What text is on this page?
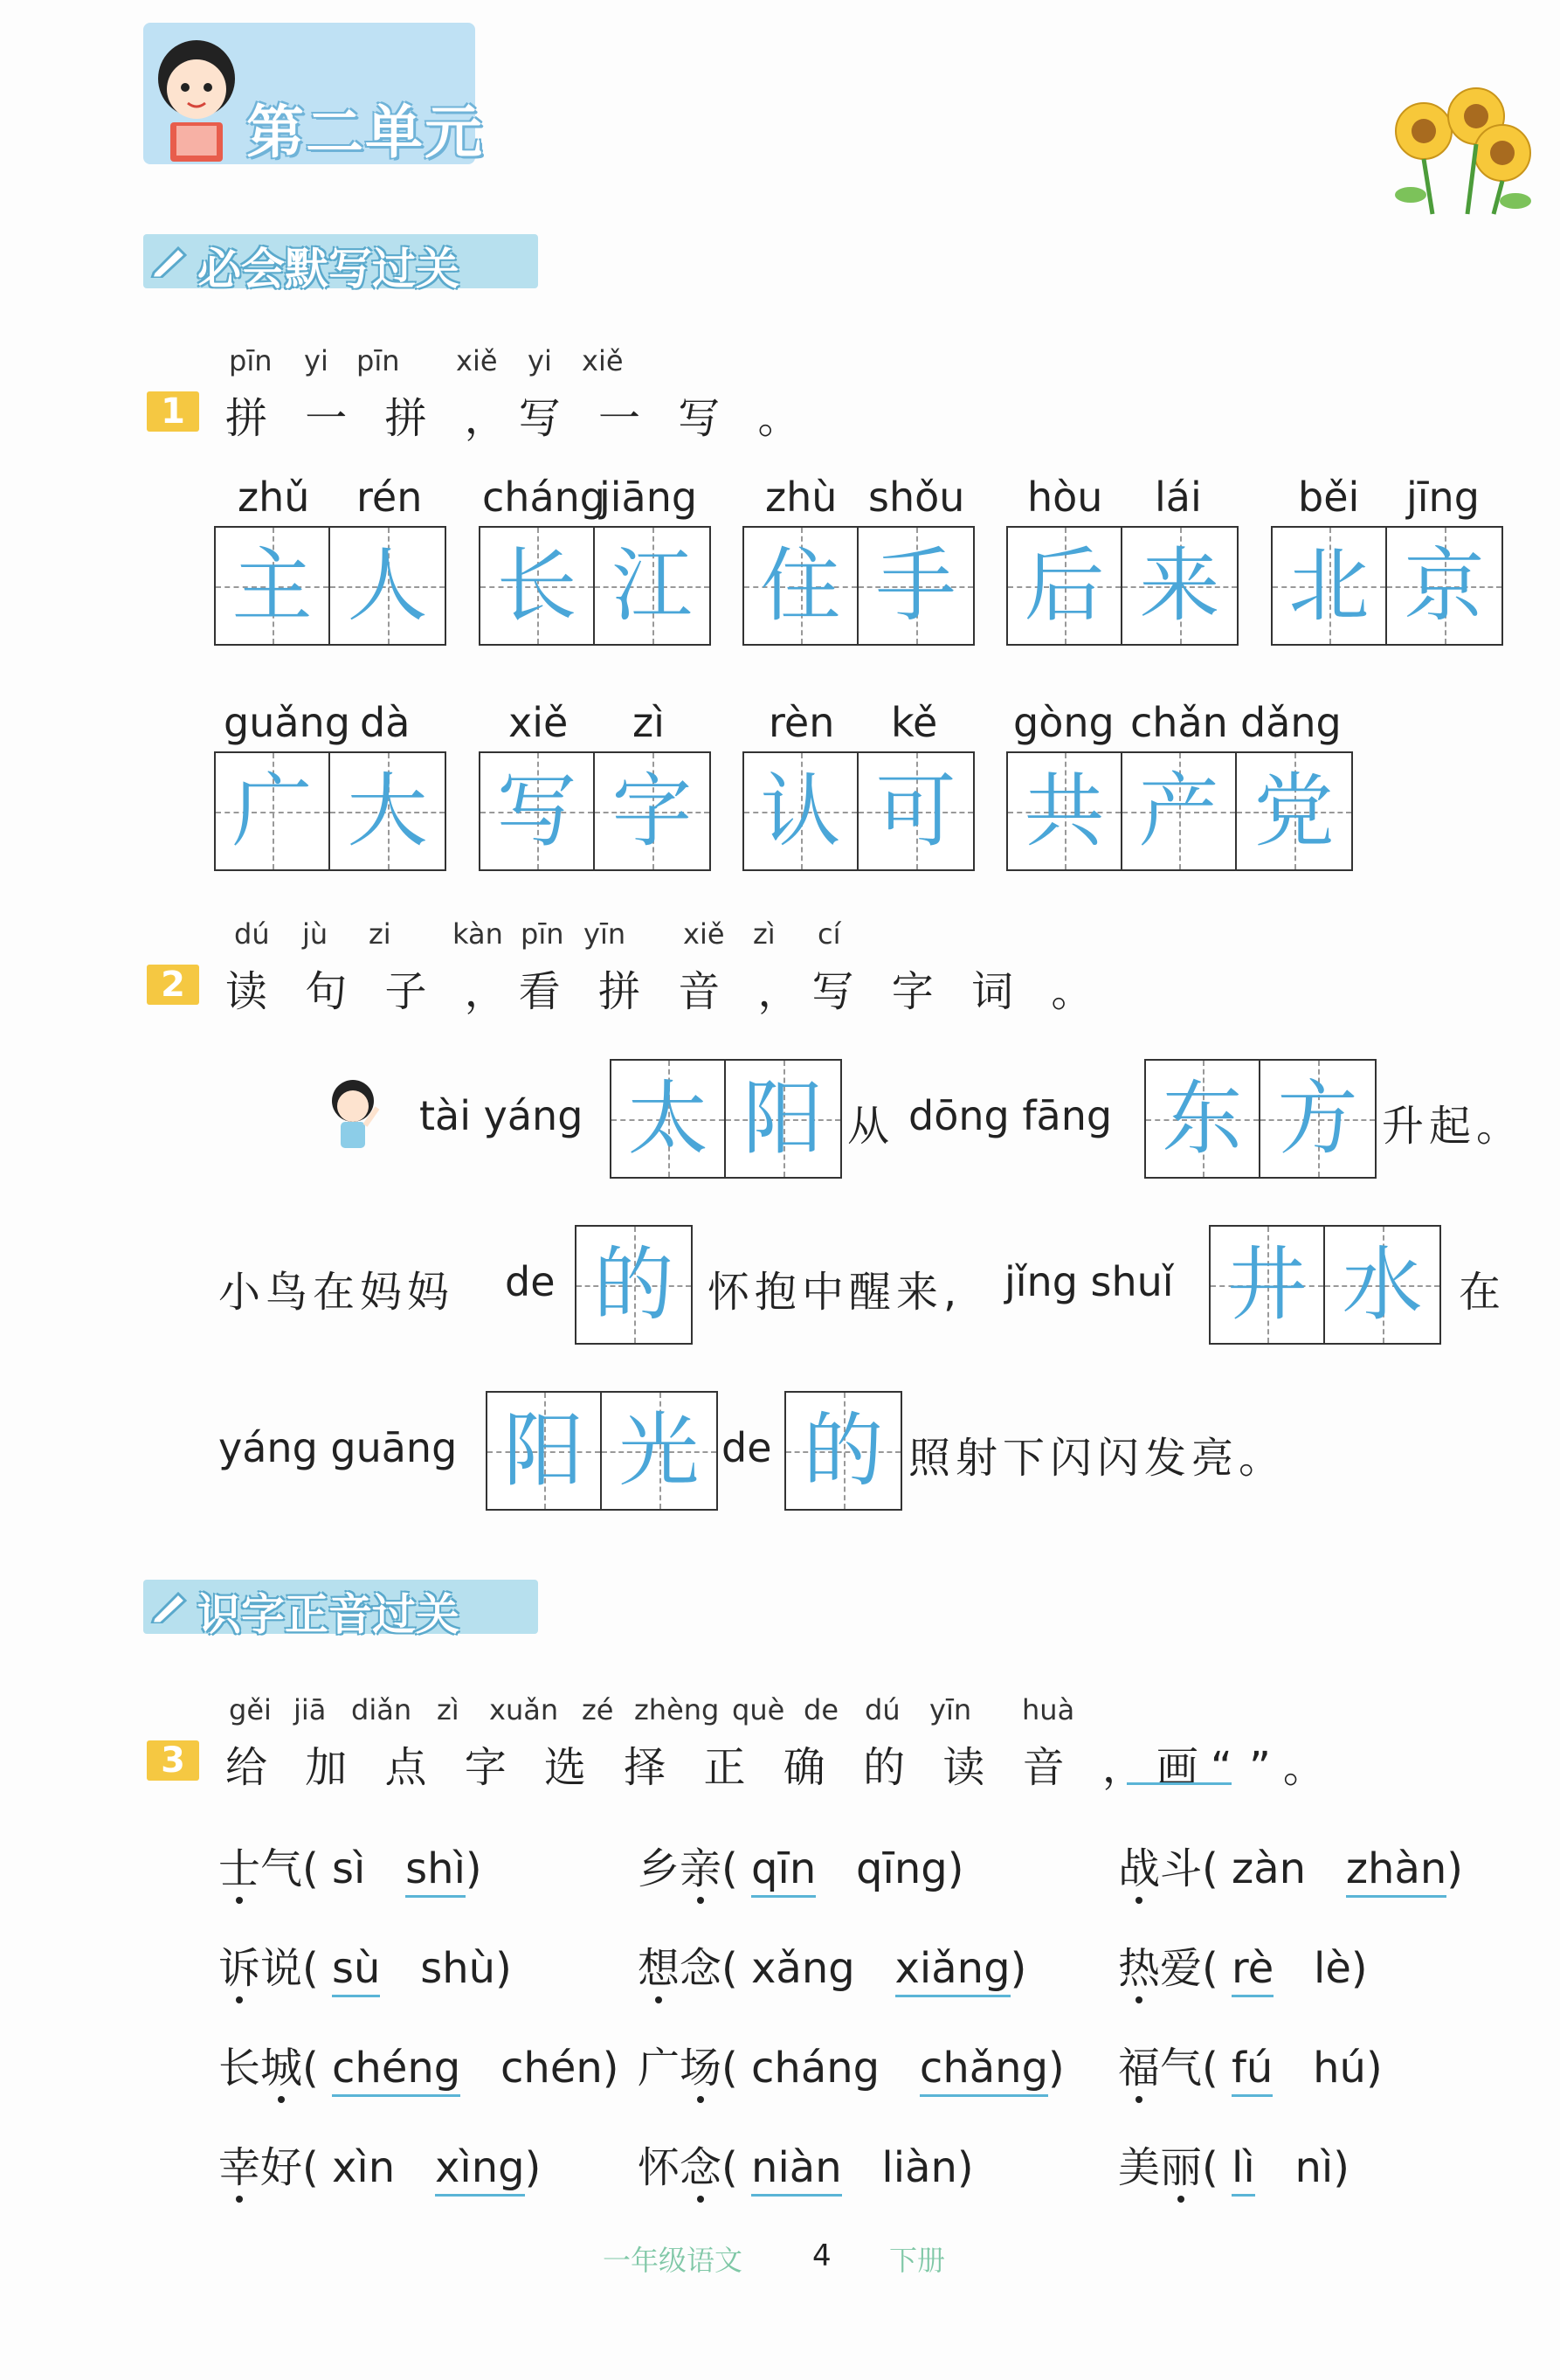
第二单元
必会默写过关
pīn yi pīn xiě yi xiě
1 拼 一 拼 ，写 一 写 。
zhǔ rén
主 人
cháng
jiāng
长 江
zhù shǒu
住 手
hòu lái
后 来
běi jīng
北 京
guǎng dà
广 大
xiě zì
写 字
rèn kě
认 可
gòng chǎn dǎng
共 产 党
dú jù zi kàn pīn yīn xiě zì cí
2 读 句 子 ，看 拼 音 ，写 字 词 。
tài yáng 太 阳 从 dōng fāng 东 方 升起。
小鸟在妈妈 de 的 怀抱中醒来, jǐng shuǐ 井 水 在
yáng guāng 阳 光 de 的 照射下闪闪发亮。
识字正音过关
gěi jiā diǎn zì xuǎn zé zhèng què de dú yīn huà
3 给 加 点 字 选 择 正 确 的 读 音 ，画“ ”。
士气( sì shì)	乡亲( qīn qīng)	战斗( zàn zhàn)
诉说( sù shù)	想念( xǎng xiǎng) 热爱( rè lè)
长城( chéng chén) 广场( cháng chǎng) 福气( fú hú)
幸好( xìn xìng) 怀念( niàn liàn)	美丽( lì nì)
一年级语文 4 下册
